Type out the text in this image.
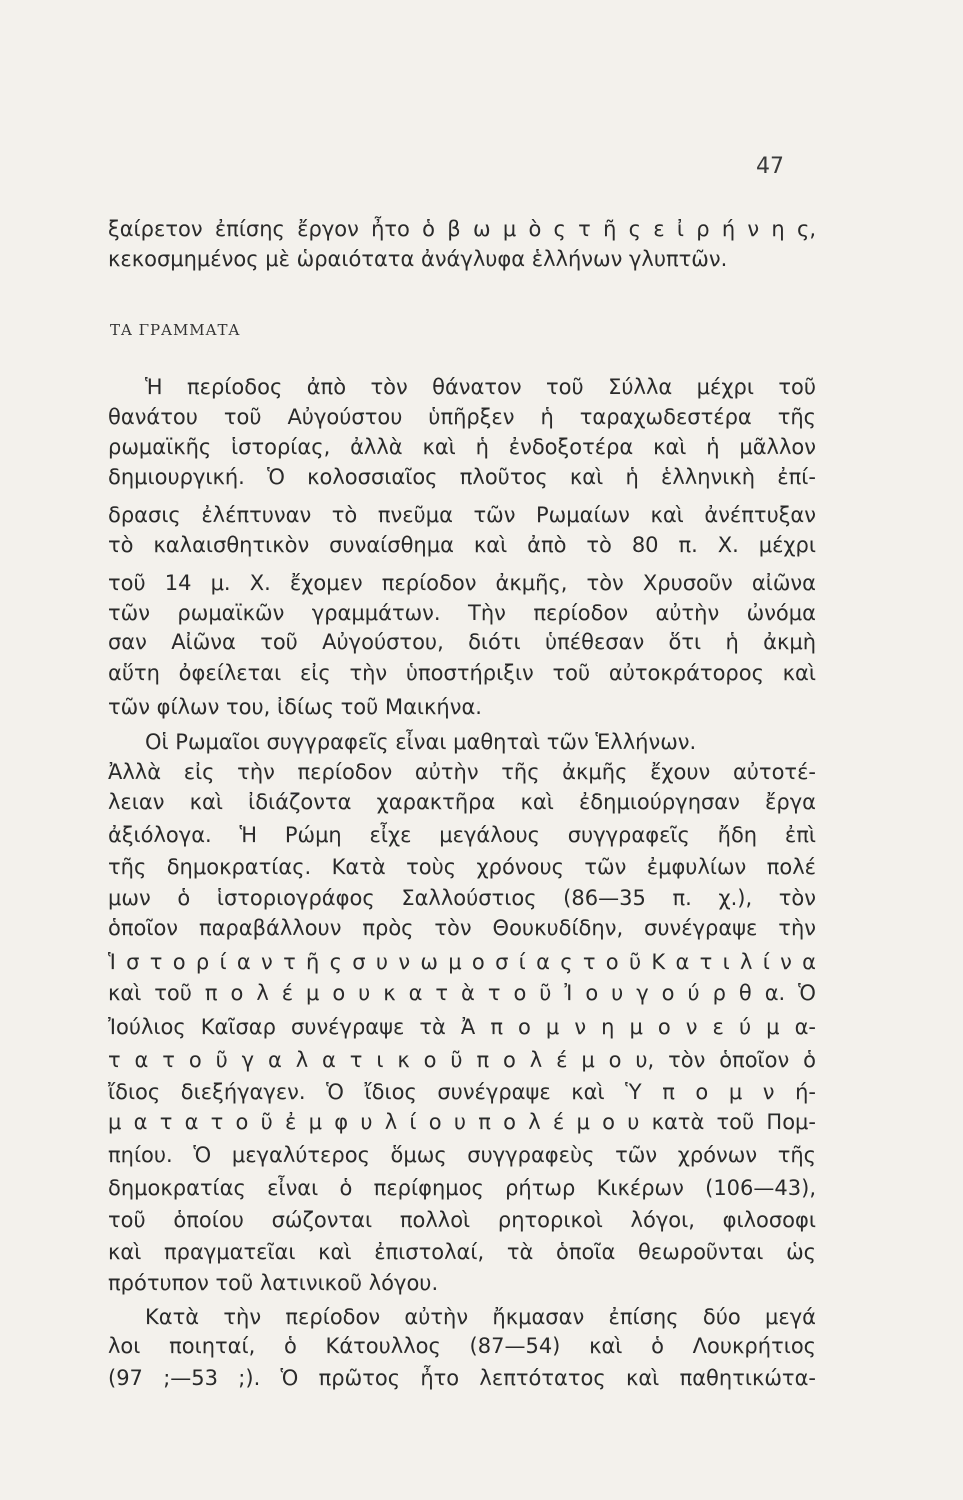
47
ξαίρετον ἐπίσης ἔργον ἦτο ὁ β ω μ ὸ ς τ ῆ ς ε ἰ ρ ή ν η ς,
κεκοσμημένος μὲ ὡραιότατα ἀνάγλυφα ἑλλήνων γλυπτῶν.
ΤΑ ΓΡΑΜΜΑΤΑ
Ἡ περίοδος ἀπὸ τὸν θάνατον τοῦ Σύλλα μέχρι τοῦ
θανάτου τοῦ Αὐγούστου ὑπῆρξεν ἡ ταραχωδεστέρα τῆς
ρωμαϊκῆς ἱστορίας, ἀλλὰ καὶ ἡ ἐνδοξοτέρα καὶ ἡ μᾶλλον
δημιουργική. Ὁ κολοσσιαῖος πλοῦτος καὶ ἡ ἑλληνικὴ ἐπί-
δρασις ἐλέπτυναν τὸ πνεῦμα τῶν Ρωμαίων καὶ ἀνέπτυξαν
τὸ καλαισθητικὸν συναίσθημα καὶ ἀπὸ τὸ 80 π. Χ. μέχρι
τοῦ 14 μ. Χ. ἔχομεν περίοδον ἀκμῆς, τὸν Χρυσοῦν αἰῶνα
τῶν ρωμαϊκῶν γραμμάτων. Τὴν περίοδον αὐτὴν ὠνόμα
σαν Αἰῶνα τοῦ Αὐγούστου, διότι ὑπέθεσαν ὅτι ἡ ἀκμὴ
αὕτη ὀφείλεται εἰς τὴν ὑποστήριξιν τοῦ αὐτοκράτορος καὶ
τῶν φίλων του, ἰδίως τοῦ Μαικήνα.
Οἱ Ρωμαῖοι συγγραφεῖς εἶναι μαθηταὶ τῶν Ἑλλήνων.
Ἀλλὰ εἰς τὴν περίοδον αὐτὴν τῆς ἀκμῆς ἔχουν αὐτοτέ-
λειαν καὶ ἰδιάζοντα χαρακτῆρα καὶ ἐδημιούργησαν ἔργα
ἀξιόλογα. Ἡ Ρώμη εἶχε μεγάλους συγγραφεῖς ἤδη ἐπὶ
τῆς δημοκρατίας. Κατὰ τοὺς χρόνους τῶν ἐμφυλίων πολέ
μων ὁ ἱστοριογράφος Σαλλούστιος (86—35 π. χ.), τὸν
ὁποῖον παραβάλλουν πρὸς τὸν Θουκυδίδην, συνέγραψε τὴν
Ἱ σ τ ο ρ ί α ν τ ῆ ς σ υ ν ω μ ο σ ί α ς τ ο ῦ Κ α τ ι λ ί ν α
καὶ τοῦ π ο λ έ μ ο υ κ α τ ὰ τ ο ῦ Ἰ ο υ γ ο ύ ρ θ α. Ὁ
Ἰούλιος Καῖσαρ συνέγραψε τὰ Ἀ π ο μ ν η μ ο ν ε ύ μ α-
τ α τ ο ῦ γ α λ α τ ι κ ο ῦ π ο λ έ μ ο υ, τὸν ὁποῖον ὁ
ἴδιος διεξήγαγεν. Ὁ ἴδιος συνέγραψε καὶ Ὑ π ο μ ν ή-
μ α τ α τ ο ῦ ἐ μ φ υ λ ί ο υ π ο λ έ μ ο υ κατὰ τοῦ Πομ-
πηίου. Ὁ μεγαλύτερος ὅμως συγγραφεὺς τῶν χρόνων τῆς
δημοκρατίας εἶναι ὁ περίφημος ρήτωρ Κικέρων (106—43),
τοῦ ὁποίου σώζονται πολλοὶ ρητορικοὶ λόγοι, φιλοσοφι
καὶ πραγματεῖαι καὶ ἐπιστολαί, τὰ ὁποῖα θεωροῦνται ὡς
πρότυπον τοῦ λατινικοῦ λόγου.
Κατὰ τὴν περίοδον αὐτὴν ἤκμασαν ἐπίσης δύο μεγά
λοι ποιηταί, ὁ Κάτουλλος (87—54) καὶ ὁ Λουκρήτιος
(97 ;—53 ;). Ὁ πρῶτος ἦτο λεπτότατος καὶ παθητικώτα-
